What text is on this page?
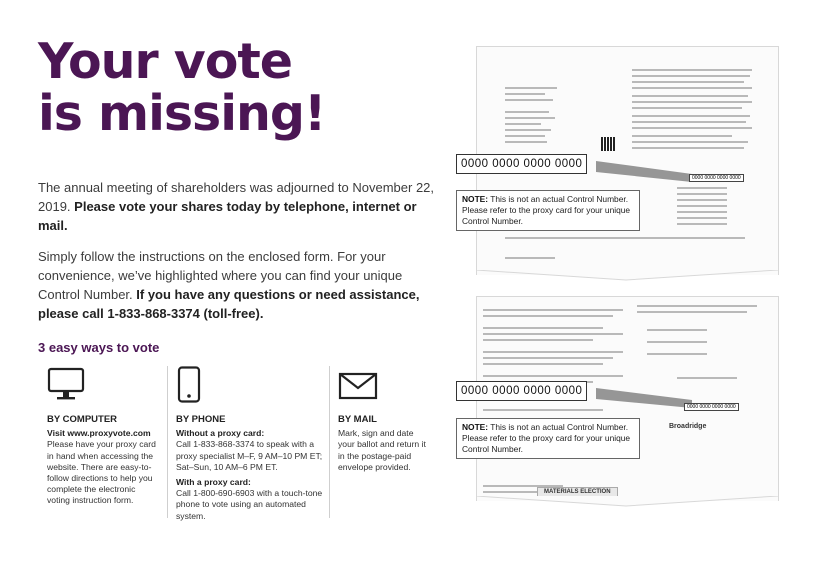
Your vote
is missing!

The annual meeting of shareholders was adjourned to November 22, 2019. Please vote your shares today by telephone, internet or mail.

Simply follow the instructions on the enclosed form. For your convenience, we’ve highlighted where you can find your unique Control Number. If you have any questions or need assistance, please call 1-833-868-3374 (toll-free).

3 easy ways to vote
BY COMPUTER

Visit www.proxyvote.com

Please have your proxy card in hand when accessing the website. There are easy-to-follow directions to help you complete the electronic voting instruction form.

BY PHONE

Without a proxy card:

Call 1-833-868-3374 to speak with a proxy specialist M–F, 9 AM–10 PM ET; Sat–Sun, 10 AM–6 PM ET.

With a proxy card:

Call 1-800-690-6903 with a touch-tone phone to vote using an automated system.

BY MAIL

Mark, sign and date your ballot and return it in the postage-paid envelope provided.

0000 0000 0000 0000
0000 0000 0000 0000
NOTE: This is not an actual Control Number. Please refer to the proxy card for your unique Control Number.
Broadridge
MATERIALS ELECTION
0000 0000 0000 0000
0000 0000 0000 0000
NOTE: This is not an actual Control Number. Please refer to the proxy card for your unique Control Number.
